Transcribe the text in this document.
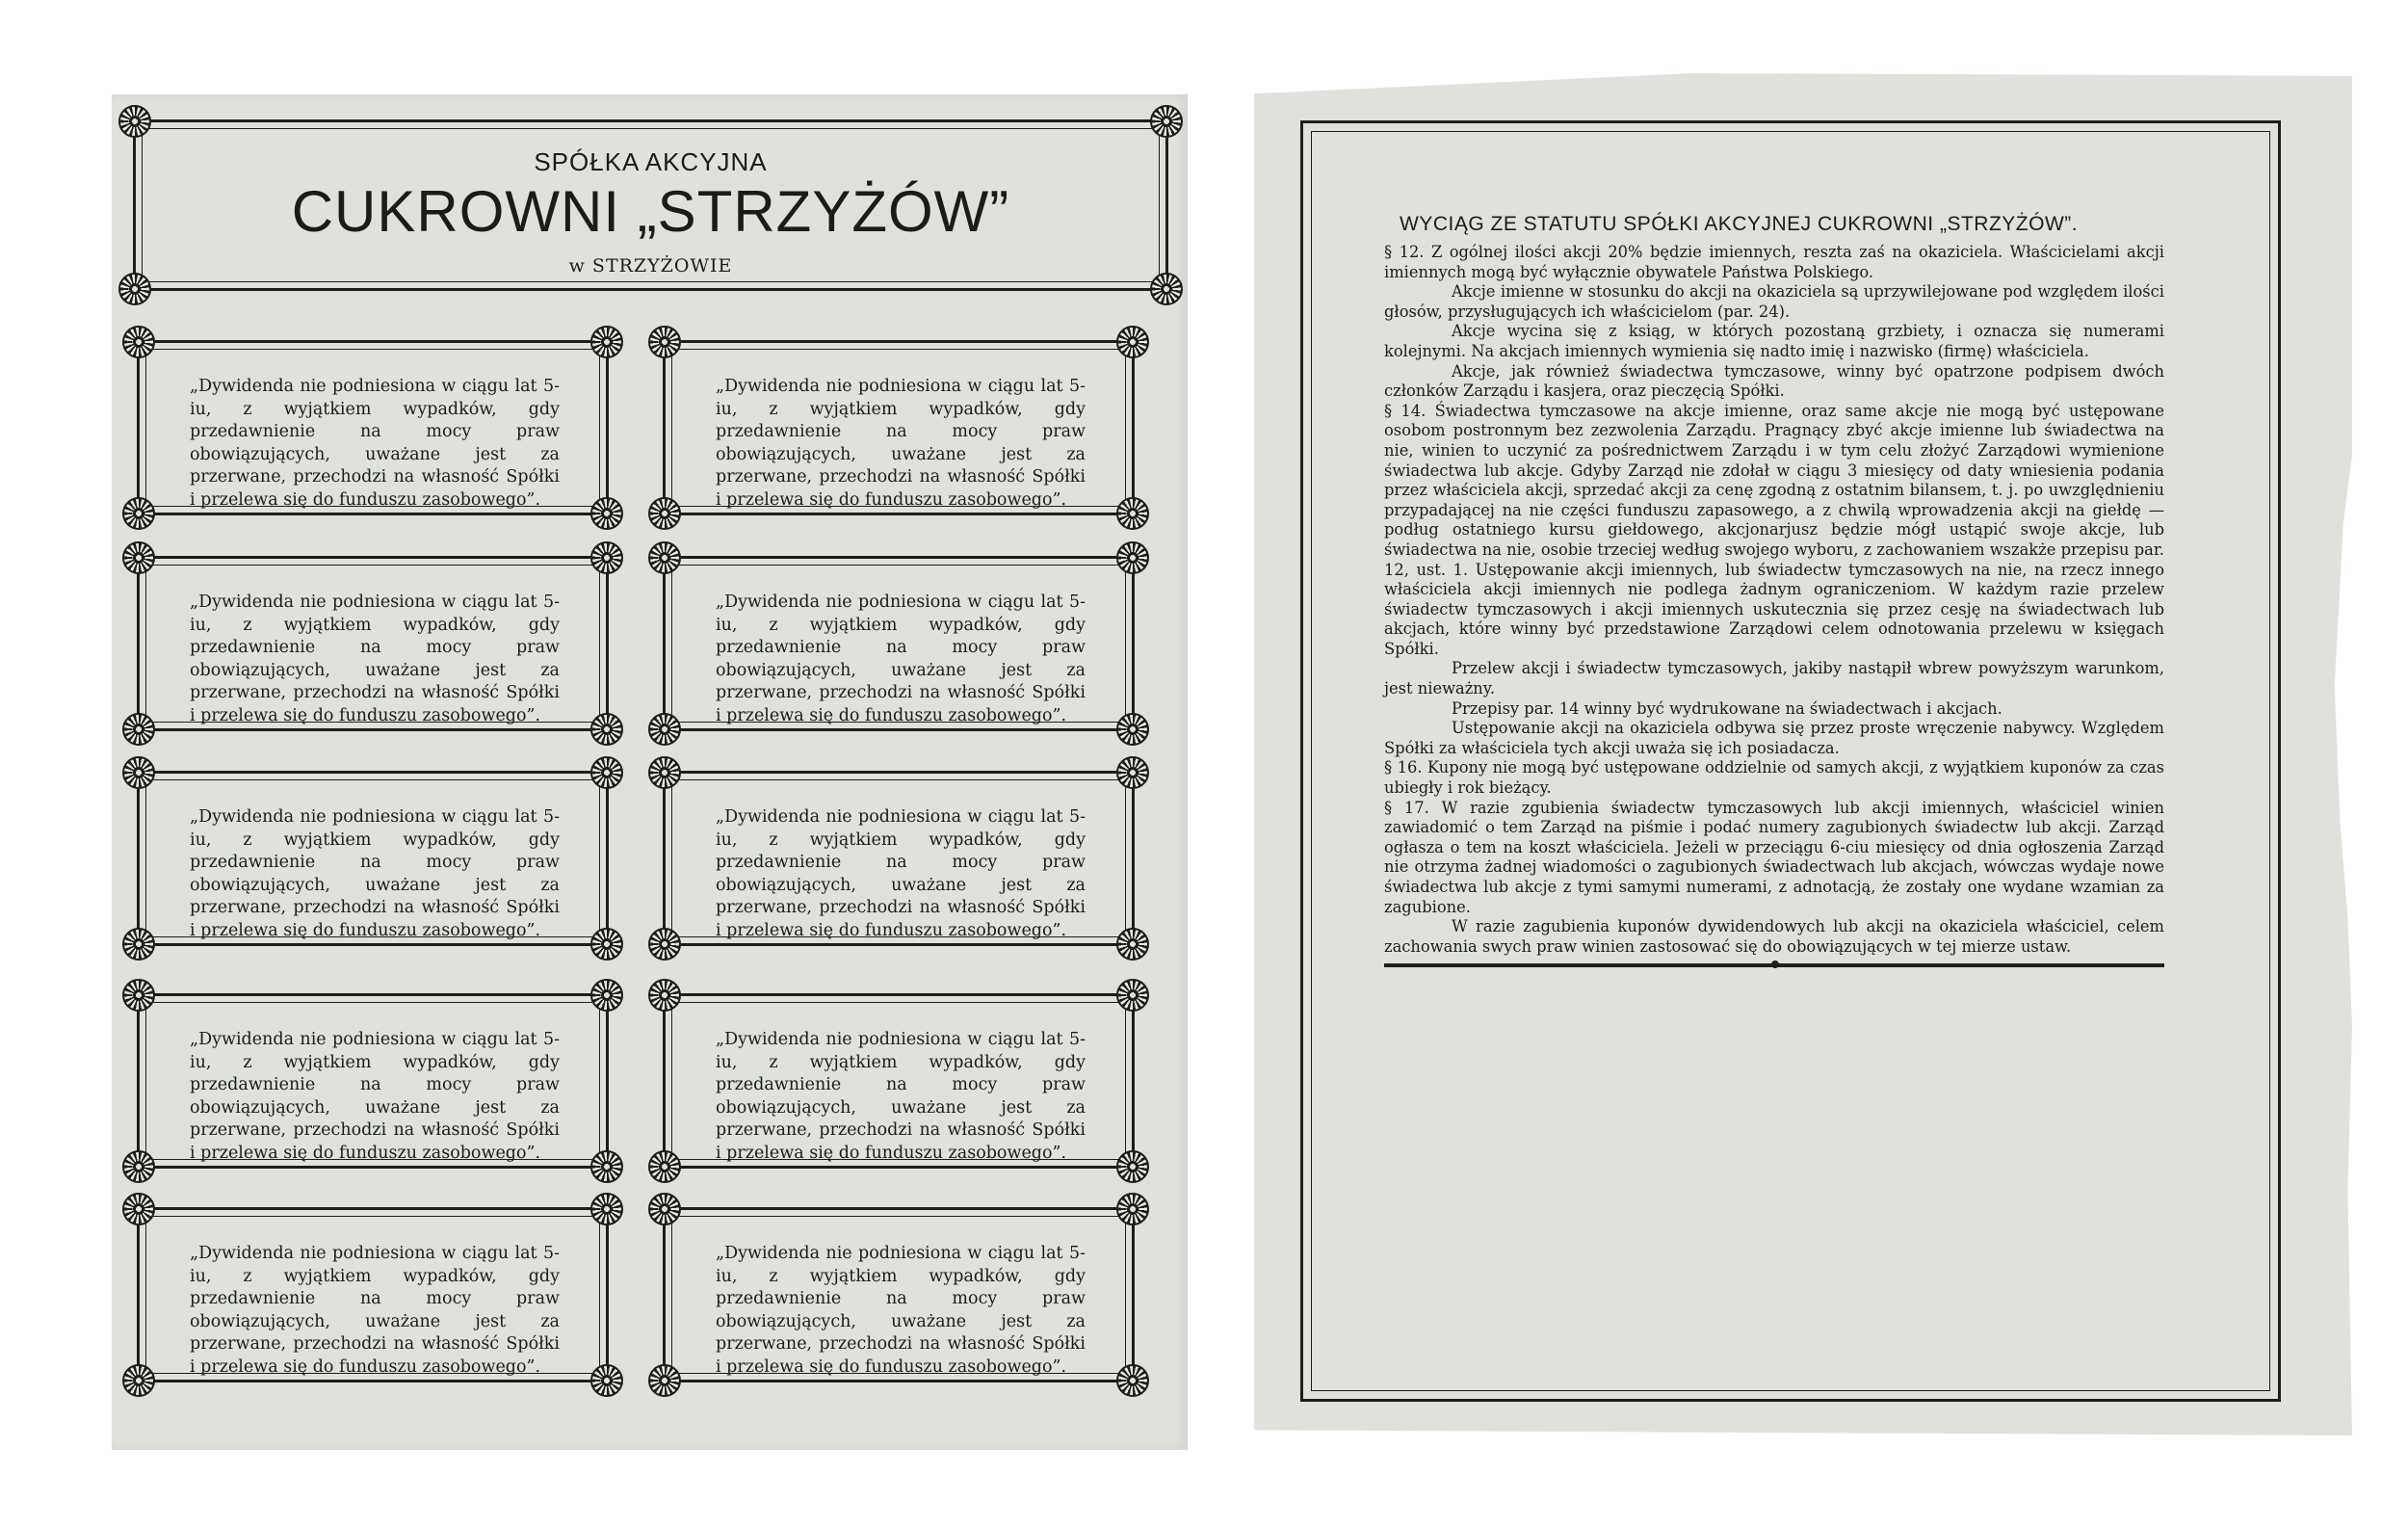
SPÓŁKA AKCYJNA
CUKROWNI „STRZYŻÓW”
w STRZYŻOWIE
„Dywidenda nie podniesiona w ciągu lat 5-iu, z wyjątkiem wypadków, gdy przedawnienie na mocy praw obowiązujących, uważane jest za przerwane, przechodzi na własność Spółki i przelewa się do funduszu zasobowego”.
„Dywidenda nie podniesiona w ciągu lat 5-iu, z wyjątkiem wypadków, gdy przedawnienie na mocy praw obowiązujących, uważane jest za przerwane, przechodzi na własność Spółki i przelewa się do funduszu zasobowego”.
„Dywidenda nie podniesiona w ciągu lat 5-iu, z wyjątkiem wypadków, gdy przedawnienie na mocy praw obowiązujących, uważane jest za przerwane, przechodzi na własność Spółki i przelewa się do funduszu zasobowego”.
„Dywidenda nie podniesiona w ciągu lat 5-iu, z wyjątkiem wypadków, gdy przedawnienie na mocy praw obowiązujących, uważane jest za przerwane, przechodzi na własność Spółki i przelewa się do funduszu zasobowego”.
„Dywidenda nie podniesiona w ciągu lat 5-iu, z wyjątkiem wypadków, gdy przedawnienie na mocy praw obowiązujących, uważane jest za przerwane, przechodzi na własność Spółki i przelewa się do funduszu zasobowego”.
„Dywidenda nie podniesiona w ciągu lat 5-iu, z wyjątkiem wypadków, gdy przedawnienie na mocy praw obowiązujących, uważane jest za przerwane, przechodzi na własność Spółki i przelewa się do funduszu zasobowego”.
„Dywidenda nie podniesiona w ciągu lat 5-iu, z wyjątkiem wypadków, gdy przedawnienie na mocy praw obowiązujących, uważane jest za przerwane, przechodzi na własność Spółki i przelewa się do funduszu zasobowego”.
„Dywidenda nie podniesiona w ciągu lat 5-iu, z wyjątkiem wypadków, gdy przedawnienie na mocy praw obowiązujących, uważane jest za przerwane, przechodzi na własność Spółki i przelewa się do funduszu zasobowego”.
„Dywidenda nie podniesiona w ciągu lat 5-iu, z wyjątkiem wypadków, gdy przedawnienie na mocy praw obowiązujących, uważane jest za przerwane, przechodzi na własność Spółki i przelewa się do funduszu zasobowego”.
„Dywidenda nie podniesiona w ciągu lat 5-iu, z wyjątkiem wypadków, gdy przedawnienie na mocy praw obowiązujących, uważane jest za przerwane, przechodzi na własność Spółki i przelewa się do funduszu zasobowego”.
WYCIĄG ZE STATUTU SPÓŁKI AKCYJNEJ CUKROWNI „STRZYŻÓW”.

§ 12. Z ogólnej ilości akcji 20% będzie imiennych, reszta zaś na okaziciela. Właścicielami akcji imiennych mogą być wyłącznie obywatele Państwa Polskiego.

Akcje imienne w stosunku do akcji na okaziciela są uprzywilejowane pod względem ilości głosów, przysługujących ich właścicielom (par. 24).

Akcje wycina się z ksiąg, w których pozostaną grzbiety, i oznacza się numerami kolejnymi. Na akcjach imiennych wymienia się nadto imię i nazwisko (firmę) właściciela.

Akcje, jak również świadectwa tymczasowe, winny być opatrzone podpisem dwóch członków Zarządu i kasjera, oraz pieczęcią Spółki.

§ 14. Świadectwa tymczasowe na akcje imienne, oraz same akcje nie mogą być ustępowane osobom postronnym bez zezwolenia Zarządu. Pragnący zbyć akcje imienne lub świadectwa na nie, winien to uczynić za pośrednictwem Zarządu i w tym celu złożyć Zarządowi wymienione świadectwa lub akcje. Gdyby Zarząd nie zdołał w ciągu 3 miesięcy od daty wniesienia podania przez właściciela akcji, sprzedać akcji za cenę zgodną z ostatnim bilansem, t. j. po uwzględnieniu przypadającej na nie części funduszu zapasowego, a z chwilą wprowadzenia akcji na giełdę — podług ostatniego kursu giełdowego, akcjonarjusz będzie mógł ustąpić swoje akcje, lub świadectwa na nie, osobie trzeciej według swojego wyboru, z zachowaniem wszakże przepisu par. 12, ust. 1. Ustępowanie akcji imiennych, lub świadectw tymczasowych na nie, na rzecz innego właściciela akcji imiennych nie podlega żadnym ograniczeniom. W każdym razie przelew świadectw tymczasowych i akcji imiennych uskutecznia się przez cesję na świadectwach lub akcjach, które winny być przedstawione Zarządowi celem odnotowania przelewu w księgach Spółki.

Przelew akcji i świadectw tymczasowych, jakiby nastąpił wbrew powyższym warunkom, jest nieważny.

Przepisy par. 14 winny być wydrukowane na świadectwach i akcjach.

Ustępowanie akcji na okaziciela odbywa się przez proste wręczenie nabywcy. Względem Spółki za właściciela tych akcji uważa się ich posiadacza.

§ 16. Kupony nie mogą być ustępowane oddzielnie od samych akcji, z wyjątkiem kuponów za czas ubiegły i rok bieżący.

§ 17. W razie zgubienia świadectw tymczasowych lub akcji imiennych, właściciel winien zawiadomić o tem Zarząd na piśmie i podać numery zagubionych świadectw lub akcji. Zarząd ogłasza o tem na koszt właściciela. Jeżeli w przeciągu 6-ciu miesięcy od dnia ogłoszenia Zarząd nie otrzyma żadnej wiadomości o zagubionych świadectwach lub akcjach, wówczas wydaje nowe świadectwa lub akcje z tymi samymi numerami, z adnotacją, że zostały one wydane wzamian za zagubione.

W razie zagubienia kuponów dywidendowych lub akcji na okaziciela właściciel, celem zachowania swych praw winien zastosować się do obowiązujących w tej mierze ustaw.
